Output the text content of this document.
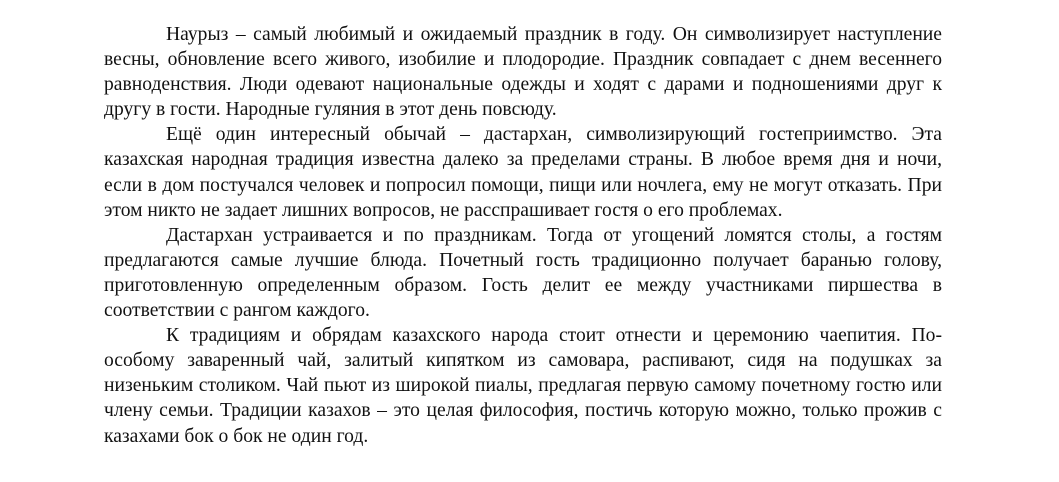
Наурыз – самый любимый и ожидаемый праздник в году. Он символизирует наступление весны, обновление всего живого, изобилие и плодородие. Праздник совпадает с днем весеннего равноденствия. Люди одевают национальные одежды и ходят с дарами и подношениями друг к другу в гости. Народные гуляния в этот день повсюду.

Ещё один интересный обычай – дастархан, символизирующий гостеприимство. Эта казахская народная традиция известна далеко за пределами страны. В любое время дня и ночи, если в дом постучался человек и попросил помощи, пищи или ночлега, ему не могут отказать. При этом никто не задает лишних вопросов, не расспрашивает гостя о его проблемах.

Дастархан устраивается и по праздникам. Тогда от угощений ломятся столы, а гостям предлагаются самые лучшие блюда. Почетный гость традиционно получает баранью голову, приготовленную определенным образом. Гость делит ее между участниками пиршества в соответствии с рангом каждого.

К традициям и обрядам казахского народа стоит отнести и церемонию чаепития. По-особому заваренный чай, залитый кипятком из самовара, распивают, сидя на подушках за низеньким столиком. Чай пьют из широкой пиалы, предлагая первую самому почетному гостю или члену семьи. Традиции казахов – это целая философия, постичь которую можно, только прожив с казахами бок о бок не один год.
